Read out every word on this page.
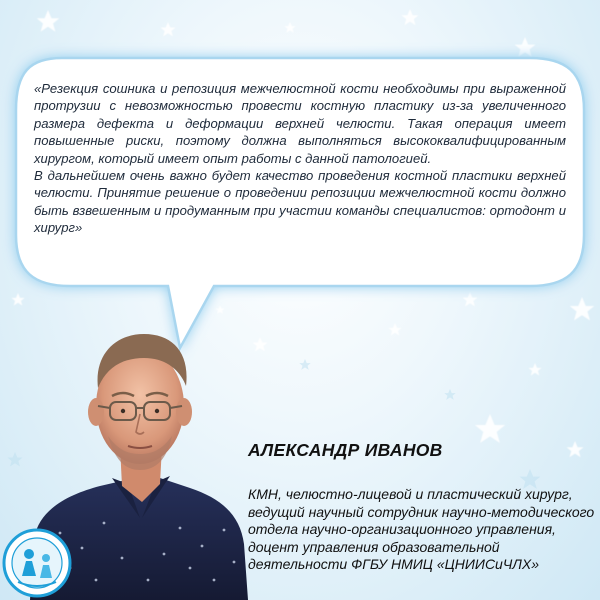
«Резекция сошника и репозиция межчелюстной кости необходимы при выраженной протрузии с невозможностью провести костную пластику из-за увеличенного размера дефекта и деформации верхней челюсти. Такая операция имеет повышенные риски, поэтому должна выполняться высококвалифицированным хирургом, который имеет опыт работы с данной патологией.

В дальнейшем очень важно будет качество проведения костной пластики верхней челюсти. Принятие решение о проведении репозиции межчелюстной кости должно быть взвешенным и продуманным при участии команды специалистов: ортодонт и хирург»

АЛЕКСАНДР ИВАНОВ

КМН, челюстно-лицевой и пластический хирург, ведущий научный сотрудник научно-методического отдела научно-организационного управления, доцент управления образовательной деятельности ФГБУ НМИЦ «ЦНИИСиЧЛХ»
